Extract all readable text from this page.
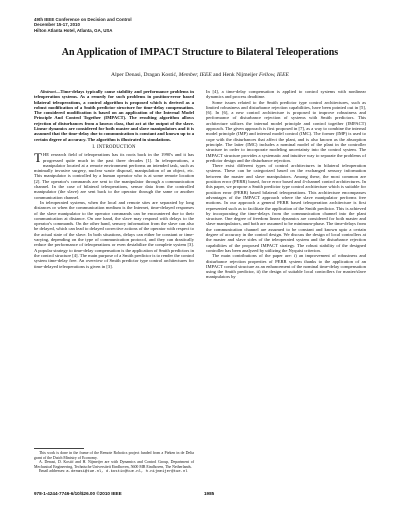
49th IEEE Conference on Decision and Control
December 15-17, 2010
Hilton Atlanta Hotel, Atlanta, GA, USA
An Application of IMPACT Structure to Bilateral Teleoperations
Alper Denasi, Dragan Kostić, Member, IEEE and Henk Nijmeijer Fellow, IEEE

Abstract—Time-delays typically cause stability and performance problems in teleoperation systems. As a remedy for such problems in position-error based bilateral teleoperations, a control algorithm is proposed which is derived as a robust modification of a Smith predictor structure for time-delay compensation. The considered modification is based on an application of the Internal Model Principle And Control Together (IMPACT). The resulting algorithm allows rejection of disturbances from a known class, that act at the output of the slave. Linear dynamics are considered for both master and slave manipulators and it is assumed that the time-delay due to communication is constant and known up to a certain degree of accuracy. The algorithm is illustrated in simulations.

I. INTRODUCTION

THE research field of teleoperations has its roots back in the 1990's and it has progressed quite much in the past three decades [1]. In teleoperations, a manipulator located at a remote environment performs an intended task, such as minimally invasive surgery, nuclear waste disposal, manipulation of an object, etc. This manipulator is controlled by a human operator who is at some remote location [2]. The operator's commands are sent to the manipulator through a communication channel. In the case of bilateral teleoperations, sensor data from the controlled manipulator (the slave) are sent back to the operator through the same or another communication channel.

In teleoperated systems, when the local and remote sites are separated by long distances or when the communication medium is the Internet, time-delayed responses of the slave manipulator to the operator commands can be encountered due to their communication at distance. On one hand, the slave may respond with delays to the operator's commands. On the other hand, sensory information from the slave can also be delayed, which can lead to delayed corrective actions of the operator with respect to the actual state of the slave. In both situations, delays can either be constant or time-varying, depending on the type of communication protocol, and they can drastically reduce the performance of teleoperations or even destabilize the complete system [3]. A popular strategy to time-delay compensation is the application of Smith predictors in the control structure [4]. The main purpose of a Smith predictor is to render the control system time-delay free. An overview of Smith predictor type control architectures for time-delayed teleoperations is given in [3].

In [4], a time-delay compensation is applied to control systems with nonlinear dynamics and process deadtime.

Some issues related to the Smith predictor type control architectures, such as limited robustness and disturbance rejection capabilities, have been pointed out in [5], [6]. In [6], a new control architecture is proposed to improve robustness and performance of disturbance rejection of systems with Smith predictors. This architecture utilizes the internal model principle and control together (IMPACT) approach. The given approach is first proposed in [7], as a way to combine the internal model principle (IMP) and internal model control (IMC). The former (IMP) is used to cope with the disturbances that affect the plant, and is also known as the absorption principle. The latter (IMC) includes a nominal model of the plant in the controller structure in order to incorporate modeling uncertainty into the control system. The IMPACT structure provides a systematic and intuitive way to separate the problems of predictor design and the disturbance rejection.

There exist different types of control architectures in bilateral teleoperation systems. These can be categorized based on the exchanged sensory information between the master and slave manipulators. Among these, the most common are position error (PERR) based, force error based and 4-channel control architectures. In this paper, we propose a Smith predictor type control architecture which is suitable for position error (PERR) based bilateral teleoperations. This architecture encompasses advantages of the IMPACT approach where the slave manipulator performs free motions. In our approach a general PERR based teleoperation architecture is first represented such as to facilitate the application of the Smith predictor. This is achieved by incorporating the time-delays from the communication channel into the plant structure. One degree of freedom linear dynamics are considered for both master and slave manipulators, and both are assumed to be minimum-phase. The time-delays from the communication channel are assumed to be constant and known upto a certain degree of accuracy in the control design. We discuss the design of local controllers at the master and slave sides of the teleoperated system and the disturbance rejection capabilities of the proposed IMPACT strategy. The robust stability of the designed controller has been analyzed by utilizing the Nyquist criterion.

The main contributions of the paper are: i) an improvement of robustness and disturbance rejection properties of PERR system thanks to the application of an IMPACT control structure as an enhancement of the nominal time-delay compensation using the Smith predictor, ii) the design of suitable local controllers for master/slave manipulators by

This work is done in the frame of the Remote Robotics project funded from a Pieken in de Delta grant of the Dutch Ministry of Economy.

A. Denasi, D. Kostić and H. Nijmeijer are with Dynamics and Control Group, Department of Mechanical Engineering, Technische Universiteit Eindhoven, 5600 MB Eindhoven, The Netherlands.

Email addresses: a.denasi@tue.nl, d.kostic@tue.nl, h.nijmeijer@tue.nl

978-1-4244-7746-6/10/$26.00 ©2010 IEEE	1985
